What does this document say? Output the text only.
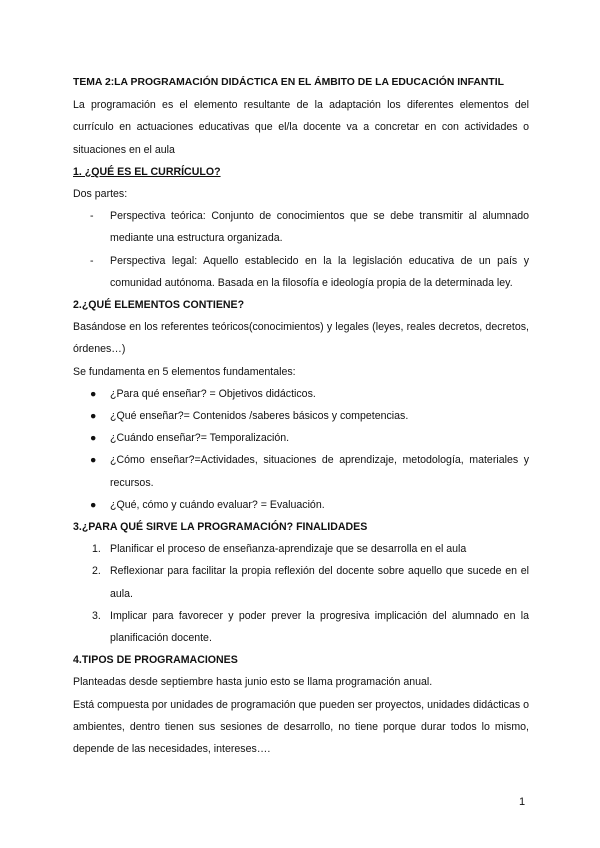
TEMA 2:LA PROGRAMACIÓN DIDÁCTICA EN EL ÁMBITO DE LA EDUCACIÓN INFANTIL

La programación es el elemento resultante de la adaptación los diferentes elementos del currículo en actuaciones educativas que el/la docente va a concretar en con actividades o situaciones en el aula

1. ¿QUÉ ES EL CURRÍCULO?

Dos partes:

- Perspectiva teórica: Conjunto de conocimientos que se debe transmitir al alumnado mediante una estructura organizada.
- Perspectiva legal: Aquello establecido en la la legislación educativa de un país y comunidad autónoma. Basada en la filosofía e ideología propia de la determinada ley.

2.¿QUÉ ELEMENTOS CONTIENE?

Basándose en los referentes teóricos(conocimientos) y legales (leyes, reales decretos, decretos, órdenes…)

Se fundamenta en 5 elementos fundamentales:

● ¿Para qué enseñar? = Objetivos didácticos.
● ¿Qué enseñar?= Contenidos /saberes básicos y competencias.
● ¿Cuándo enseñar?= Temporalización.
● ¿Cómo enseñar?=Actividades, situaciones de aprendizaje, metodología, materiales y recursos.
● ¿Qué, cómo y cuándo evaluar? = Evaluación.

3.¿PARA QUÉ SIRVE LA PROGRAMACIÓN? FINALIDADES

1. Planificar el proceso de enseñanza-aprendizaje que se desarrolla en el aula
2. Reflexionar para facilitar la propia reflexión del docente sobre aquello que sucede en el aula.
3. Implicar para favorecer y poder prever la progresiva implicación del alumnado en la planificación docente.

4.TIPOS DE PROGRAMACIONES

Planteadas desde septiembre hasta junio esto se llama programación anual.

Está compuesta por unidades de programación que pueden ser proyectos, unidades didácticas o ambientes, dentro tienen sus sesiones de desarrollo, no tiene porque durar todos lo mismo, depende de las necesidades, intereses….

1
